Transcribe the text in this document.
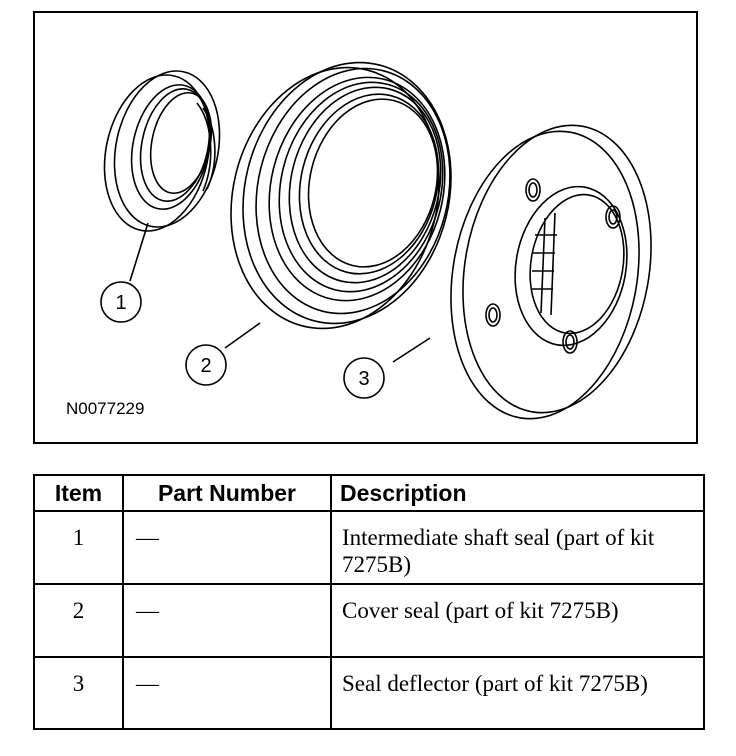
1
2
3
N0077229
Item	Part Number	Description
1	—	Intermediate shaft seal (part of kit 7275B)
2	—	Cover seal (part of kit 7275B)
3	—	Seal deflector (part of kit 7275B)
